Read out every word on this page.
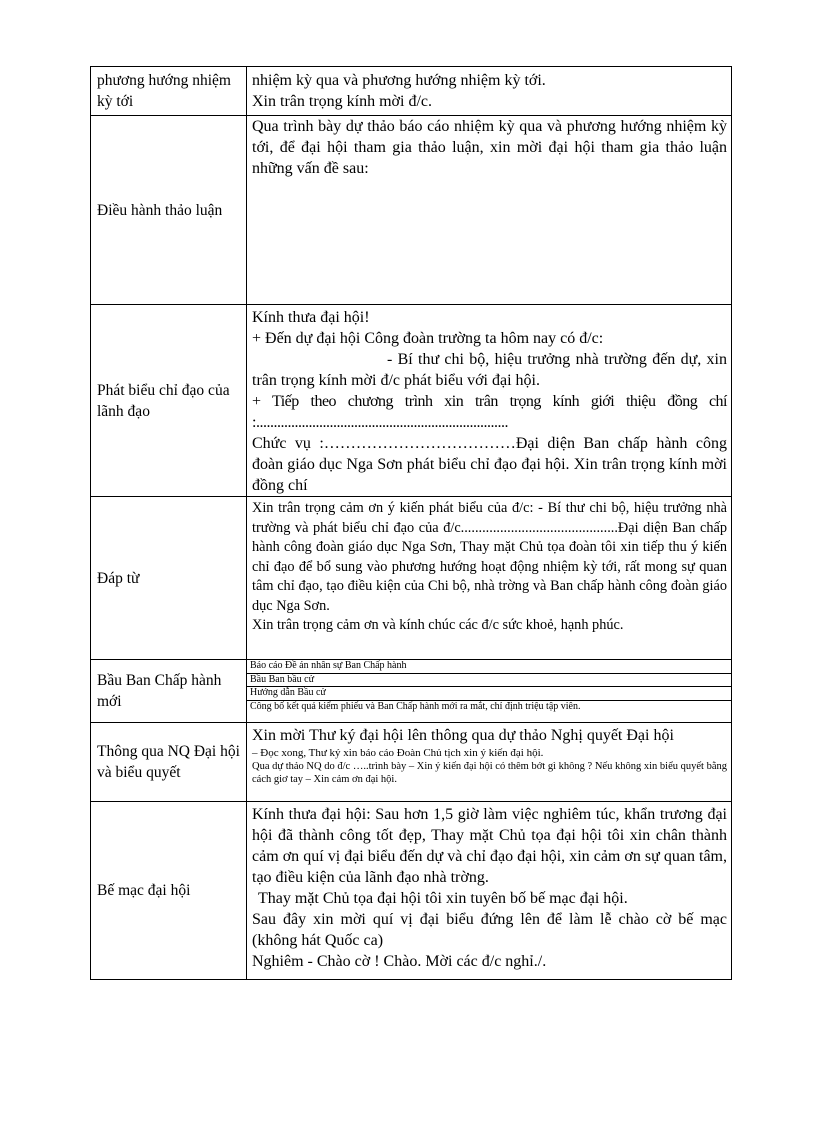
phương hướng nhiệm kỳ tới	nhiệm kỳ qua và phương hướng nhiệm kỳ tới.

Xin trân trọng kính mời đ/c.

Điều hành thảo luận	Qua trình bày dự thảo báo cáo nhiệm kỳ qua và phương hướng nhiệm kỳ tới, để đại hội tham gia thảo luận, xin mời đại hội tham gia thảo luận những vấn đề sau:

Phát biểu chỉ đạo của lãnh đạo	Kính thưa đại hội!

+ Đến dự đại hội Công đoàn trường ta hôm nay có đ/c:

- Bí thư chi bộ, hiệu trưởng nhà trường đến dự, xin trân trọng kính mời đ/c phát biểu với đại hội.

+ Tiếp theo chương trình xin trân trọng kính giới thiệu đồng chí :........................................................................

Chức vụ :………………………………Đại diện Ban chấp hành công đoàn giáo dục Nga Sơn phát biểu chỉ đạo đại hội. Xin trân trọng kính mời đồng chí

Đáp từ	Xin trân trọng cảm ơn ý kiến phát biểu của đ/c: - Bí thư chi bộ, hiệu trưởng nhà trường và phát biểu chỉ đạo của đ/c............................................Đại diện Ban chấp hành công đoàn giáo dục Nga Sơn, Thay mặt Chủ tọa đoàn tôi xin tiếp thu ý kiến chỉ đạo để bổ sung vào phương hướng hoạt động nhiệm kỳ tới, rất mong sự quan tâm chỉ đạo, tạo điều kiện của Chi bộ, nhà trờng và Ban chấp hành công đoàn giáo dục Nga Sơn.

Xin trân trọng cảm ơn và kính chúc các đ/c sức khoẻ, hạnh phúc.

Bầu Ban Chấp hành mới	Báo cáo Đề án nhân sự Ban Chấp hành
Bầu Ban bầu cử
Hướng dẫn Bầu cử
Công bố kết quả kiểm phiếu và Ban Chấp hành mới ra mắt, chỉ định triệu tập viên.

Thông qua NQ Đại hội và biểu quyết	Xin mời Thư ký đại hội lên thông qua dự thảo Nghị quyết Đại hội

– Đọc xong, Thư ký xin báo cáo Đoàn Chủ tịch xin ý kiến đại hội.

Qua dự thảo NQ do đ/c …..trình bày – Xin ý kiến đại hội có thêm bớt gì không ? Nếu không xin biểu quyết bằng cách giơ tay – Xin cảm ơn đại hội.

Bế mạc đại hội	Kính thưa đại hội: Sau hơn 1,5 giờ làm việc nghiêm túc, khẩn trương đại hội đã thành công tốt đẹp, Thay mặt Chủ tọa đại hội tôi xin chân thành cảm ơn quí vị đại biểu đến dự và chỉ đạo đại hội, xin cảm ơn sự quan tâm, tạo điều kiện của lãnh đạo nhà trờng.

Thay mặt Chủ tọa đại hội tôi xin tuyên bố bế mạc đại hội.

Sau đây xin mời quí vị đại biểu đứng lên để làm lễ chào cờ bế mạc (không hát Quốc ca)

Nghiêm - Chào cờ ! Chào. Mời các đ/c nghỉ./.
